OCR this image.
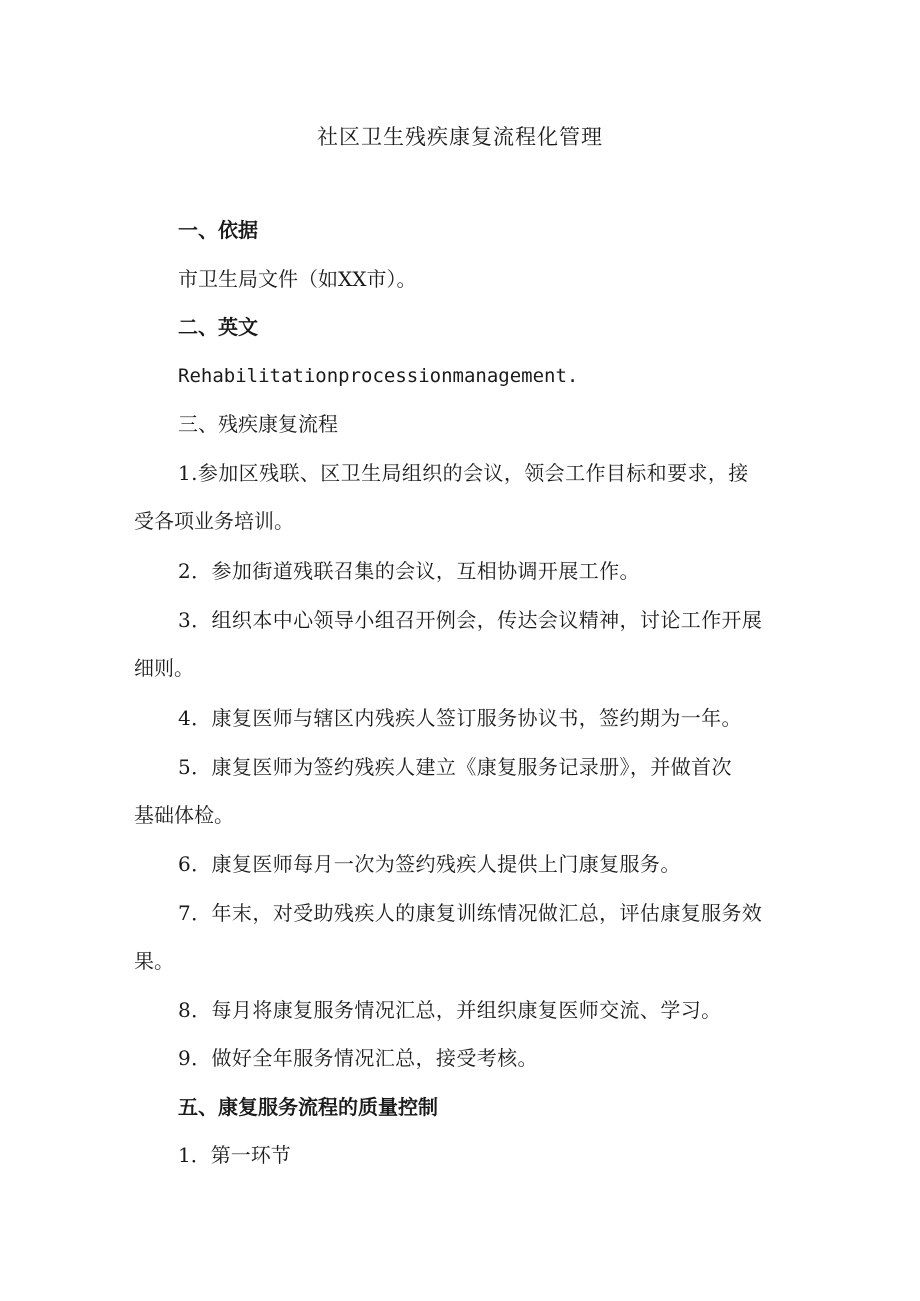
社区卫生残疾康复流程化管理
一、依据
市卫生局文件（如XX市）。
二、英文
Rehabilitationprocessionmanagement.
三、残疾康复流程
1.参加区残联、区卫生局组织的会议，领会工作目标和要求，接
受各项业务培训。
2．参加街道残联召集的会议，互相协调开展工作。
3．组织本中心领导小组召开例会，传达会议精神，讨论工作开展
细则。
4．康复医师与辖区内残疾人签订服务协议书，签约期为一年。
5．康复医师为签约残疾人建立《康复服务记录册》，并做首次
基础体检。
6．康复医师每月一次为签约残疾人提供上门康复服务。
7．年末，对受助残疾人的康复训练情况做汇总，评估康复服务效
果。
8．每月将康复服务情况汇总，并组织康复医师交流、学习。
9．做好全年服务情况汇总，接受考核。
五、康复服务流程的质量控制
1．第一环节
